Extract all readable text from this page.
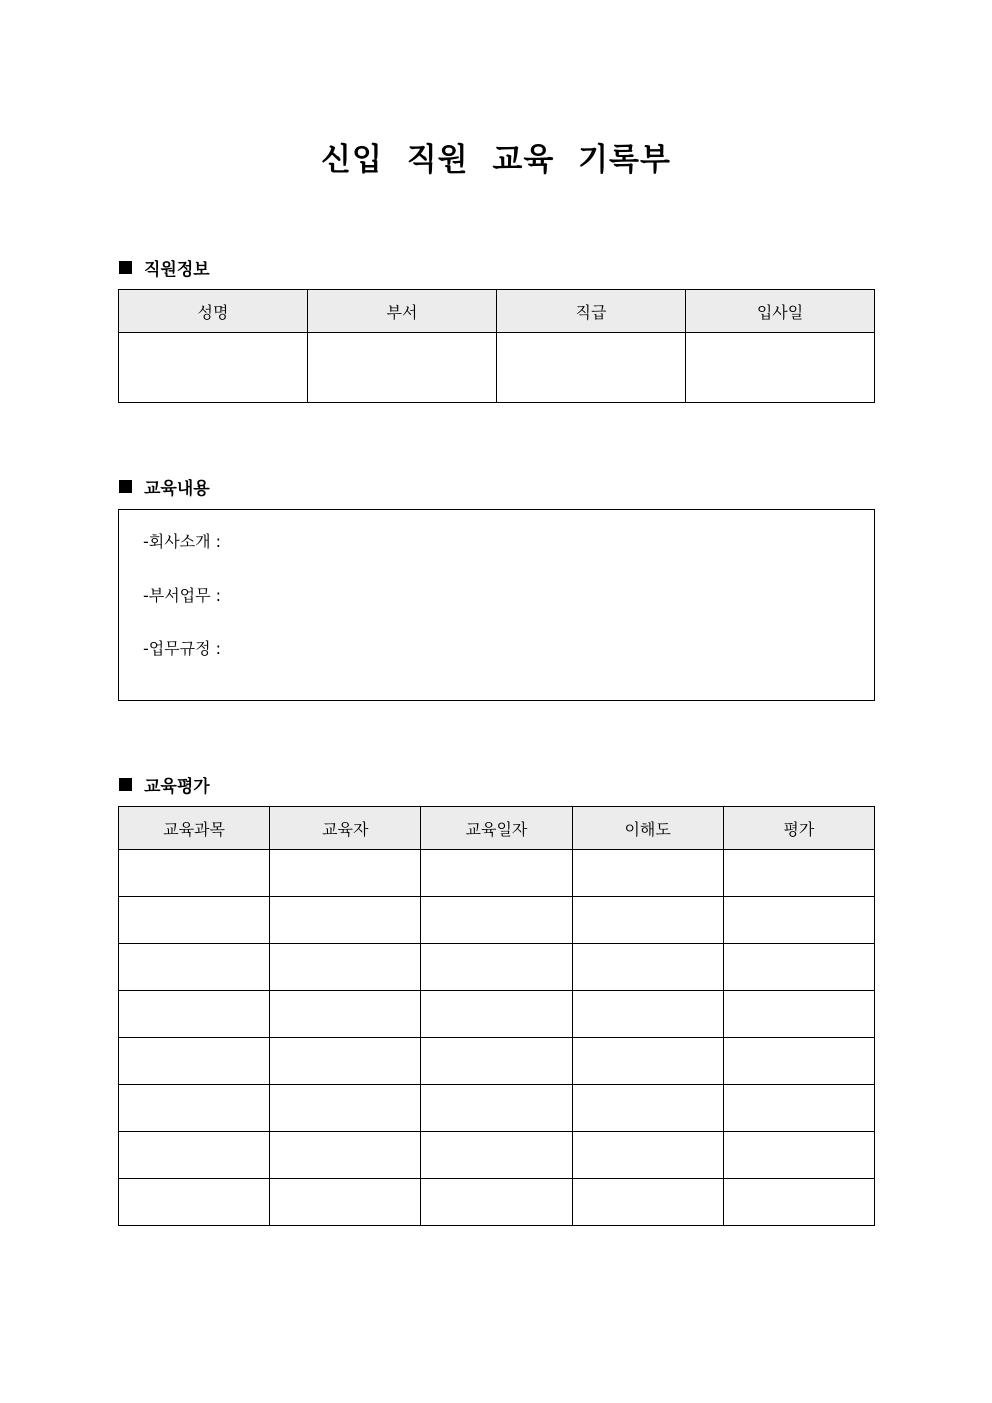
신입 직원 교육 기록부
직원정보
성명	부서	직급	입사일

교육내용
-회사소개 :
-부서업무 :
-업무규정 :
교육평가
교육과목	교육자	교육일자	이해도	평가
